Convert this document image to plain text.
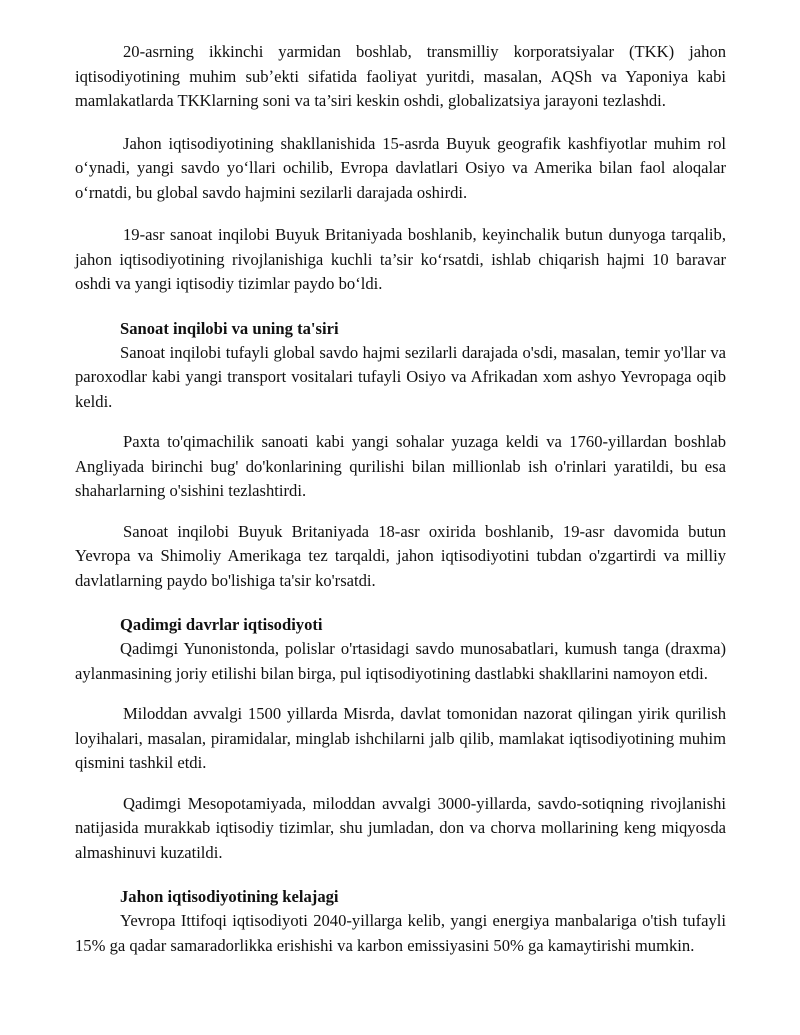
20-asrning ikkinchi yarmidan boshlab, transmilliy korporatsiyalar (TKK) jahon iqtisodiyotining muhim subʼekti sifatida faoliyat yuritdi, masalan, AQSh va Yaponiya kabi mamlakatlarda TKKlarning soni va ta’siri keskin oshdi, globalizatsiya jarayoni tezlashdi.

Jahon iqtisodiyotining shakllanishida 15-asrda Buyuk geografik kashfiyotlar muhim rol o‘ynadi, yangi savdo yo‘llari ochilib, Evropa davlatlari Osiyo va Amerika bilan faol aloqalar o‘rnatdi, bu global savdo hajmini sezilarli darajada oshirdi.

19-asr sanoat inqilobi Buyuk Britaniyada boshlanib, keyinchalik butun dunyoga tarqalib, jahon iqtisodiyotining rivojlanishiga kuchli ta’sir ko‘rsatdi, ishlab chiqarish hajmi 10 baravar oshdi va yangi iqtisodiy tizimlar paydo bo‘ldi.

Sanoat inqilobi va uning ta'siri

Sanoat inqilobi tufayli global savdo hajmi sezilarli darajada o'sdi, masalan, temir yo'llar va paroxodlar kabi yangi transport vositalari tufayli Osiyo va Afrikadan xom ashyo Yevropaga oqib keldi.

Paxta to'qimachilik sanoati kabi yangi sohalar yuzaga keldi va 1760-yillardan boshlab Angliyada birinchi bug' do'konlarining qurilishi bilan millionlab ish o'rinlari yaratildi, bu esa shaharlarning o'sishini tezlashtirdi.

Sanoat inqilobi Buyuk Britaniyada 18-asr oxirida boshlanib, 19-asr davomida butun Yevropa va Shimoliy Amerikaga tez tarqaldi, jahon iqtisodiyotini tubdan o'zgartirdi va milliy davlatlarning paydo bo'lishiga ta'sir ko'rsatdi.

Qadimgi davrlar iqtisodiyoti

Qadimgi Yunonistonda, polislar o'rtasidagi savdo munosabatlari, kumush tanga (draxma) aylanmasining joriy etilishi bilan birga, pul iqtisodiyotining dastlabki shakllarini namoyon etdi.

Miloddan avvalgi 1500 yillarda Misrda, davlat tomonidan nazorat qilingan yirik qurilish loyihalari, masalan, piramidalar, minglab ishchilarni jalb qilib, mamlakat iqtisodiyotining muhim qismini tashkil etdi.

Qadimgi Mesopotamiyada, miloddan avvalgi 3000-yillarda, savdo-sotiqning rivojlanishi natijasida murakkab iqtisodiy tizimlar, shu jumladan, don va chorva mollarining keng miqyosda almashinuvi kuzatildi.

Jahon iqtisodiyotining kelajagi

Yevropa Ittifoqi iqtisodiyoti 2040-yillarga kelib, yangi energiya manbalariga o'tish tufayli 15% ga qadar samaradorlikka erishishi va karbon emissiyasini 50% ga kamaytirishi mumkin.
